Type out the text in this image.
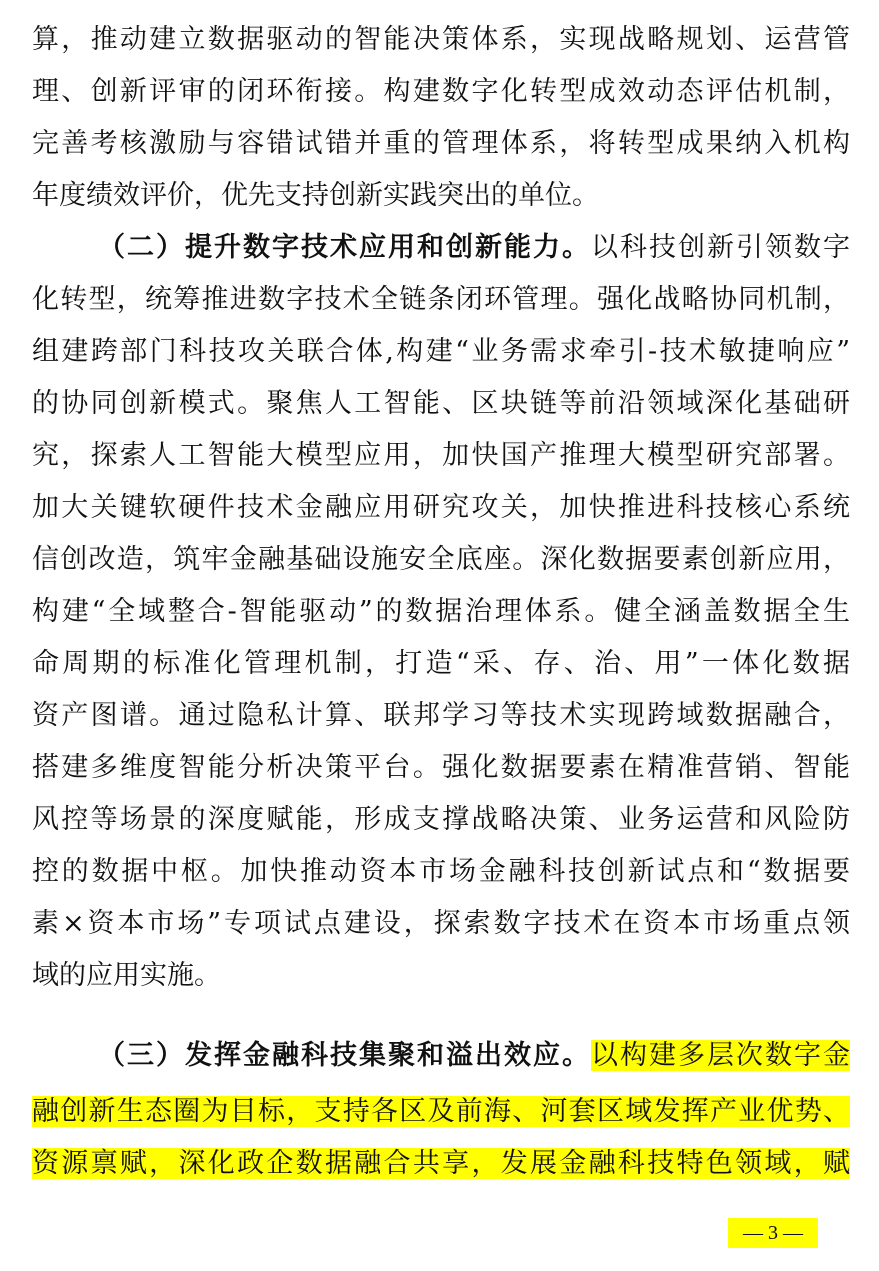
算，推动建立数据驱动的智能决策体系，实现战略规划、运营管
理、创新评审的闭环衔接。构建数字化转型成效动态评估机制，
完善考核激励与容错试错并重的管理体系，将转型成果纳入机构
年度绩效评价，优先支持创新实践突出的单位。
（二）提升数字技术应用和创新能力。以科技创新引领数字
化转型，统筹推进数字技术全链条闭环管理。强化战略协同机制，
组建跨部门科技攻关联合体,构建“业务需求牵引-技术敏捷响应”
的协同创新模式。聚焦人工智能、区块链等前沿领域深化基础研
究，探索人工智能大模型应用，加快国产推理大模型研究部署。
加大关键软硬件技术金融应用研究攻关，加快推进科技核心系统
信创改造，筑牢金融基础设施安全底座。深化数据要素创新应用，
构建“全域整合-智能驱动”的数据治理体系。健全涵盖数据全生
命周期的标准化管理机制，打造“采、存、治、用”一体化数据
资产图谱。通过隐私计算、联邦学习等技术实现跨域数据融合，
搭建多维度智能分析决策平台。强化数据要素在精准营销、智能
风控等场景的深度赋能，形成支撑战略决策、业务运营和风险防
控的数据中枢。加快推动资本市场金融科技创新试点和“数据要
素×资本市场”专项试点建设，探索数字技术在资本市场重点领
域的应用实施。
（三）发挥金融科技集聚和溢出效应。以构建多层次数字金
融创新生态圈为目标，支持各区及前海、河套区域发挥产业优势、
资源禀赋，深化政企数据融合共享，发展金融科技特色领域，赋
— 3 —
